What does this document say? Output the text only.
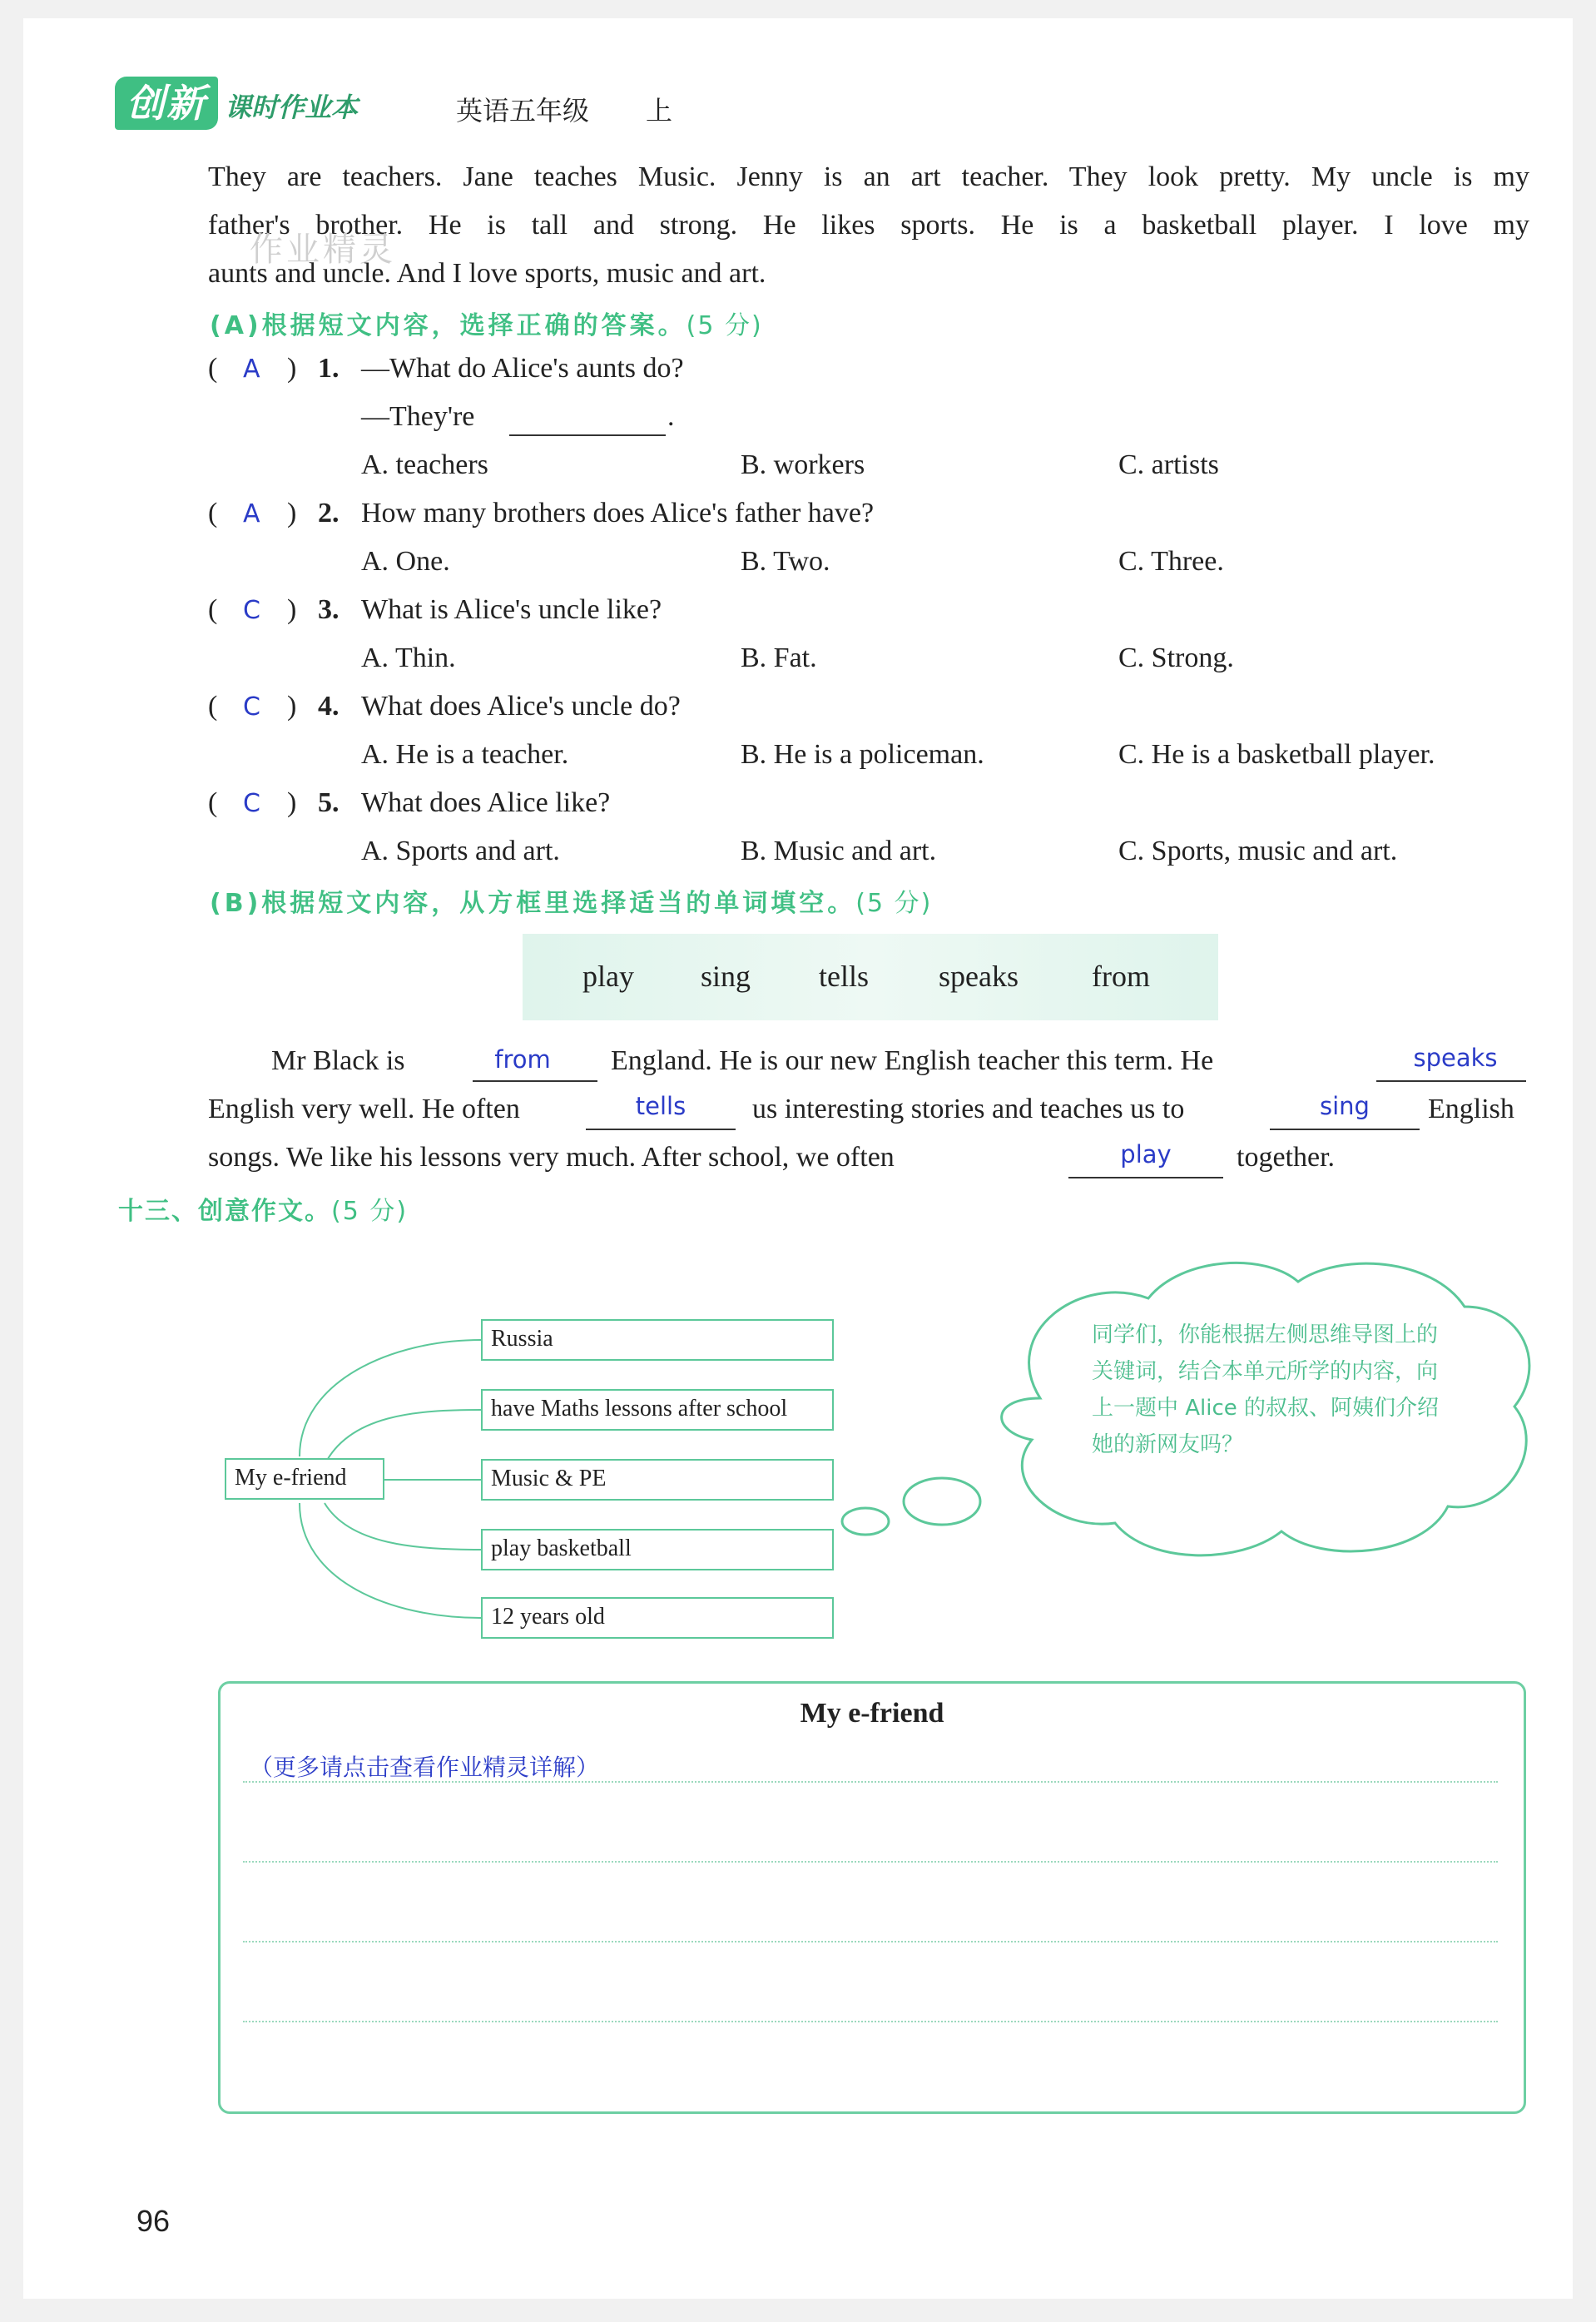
创新 课时作业本	英语五年级 上
They are teachers. Jane teaches Music. Jenny is an art teacher. They look pretty. My uncle is my
father's brother. He is tall and strong. He likes sports. He is a basketball player. I love my
aunts and uncle. And I love sports, music and art.
作业精灵
(A)根据短文内容，选择正确的答案。(5 分)
( A ) 1. —What do Alice's aunts do?
—They're	.
A. teachers	B. workers	C. artists
( A ) 2. How many brothers does Alice's father have?
A. One.	B. Two.	C. Three.
( C ) 3. What is Alice's uncle like?
A. Thin.	B. Fat.	C. Strong.
( C ) 4. What does Alice's uncle do?
A. He is a teacher.	B. He is a policeman.	C. He is a basketball player.
( C ) 5. What does Alice like?
A. Sports and art.	B. Music and art.	C. Sports, music and art.
(B)根据短文内容，从方框里选择适当的单词填空。(5 分)
play sing tells speaks from
Mr Black is	from	England. He is our new English teacher this term. He	speaks
English very well. He often	tells	us interesting stories and teaches us to	sing	English
songs. We like his lessons very much. After school, we often	play	together.
十三、创意作文。(5 分)
My e-friend
Russia
have Maths lessons after school
Music & PE
play basketball
12 years old
同学们，你能根据左侧思维导图上的关键词，结合本单元所学的内容，向上一题中 Alice 的叔叔、阿姨们介绍她的新网友吗？
My e-friend
（更多请点击查看作业精灵详解）
96
